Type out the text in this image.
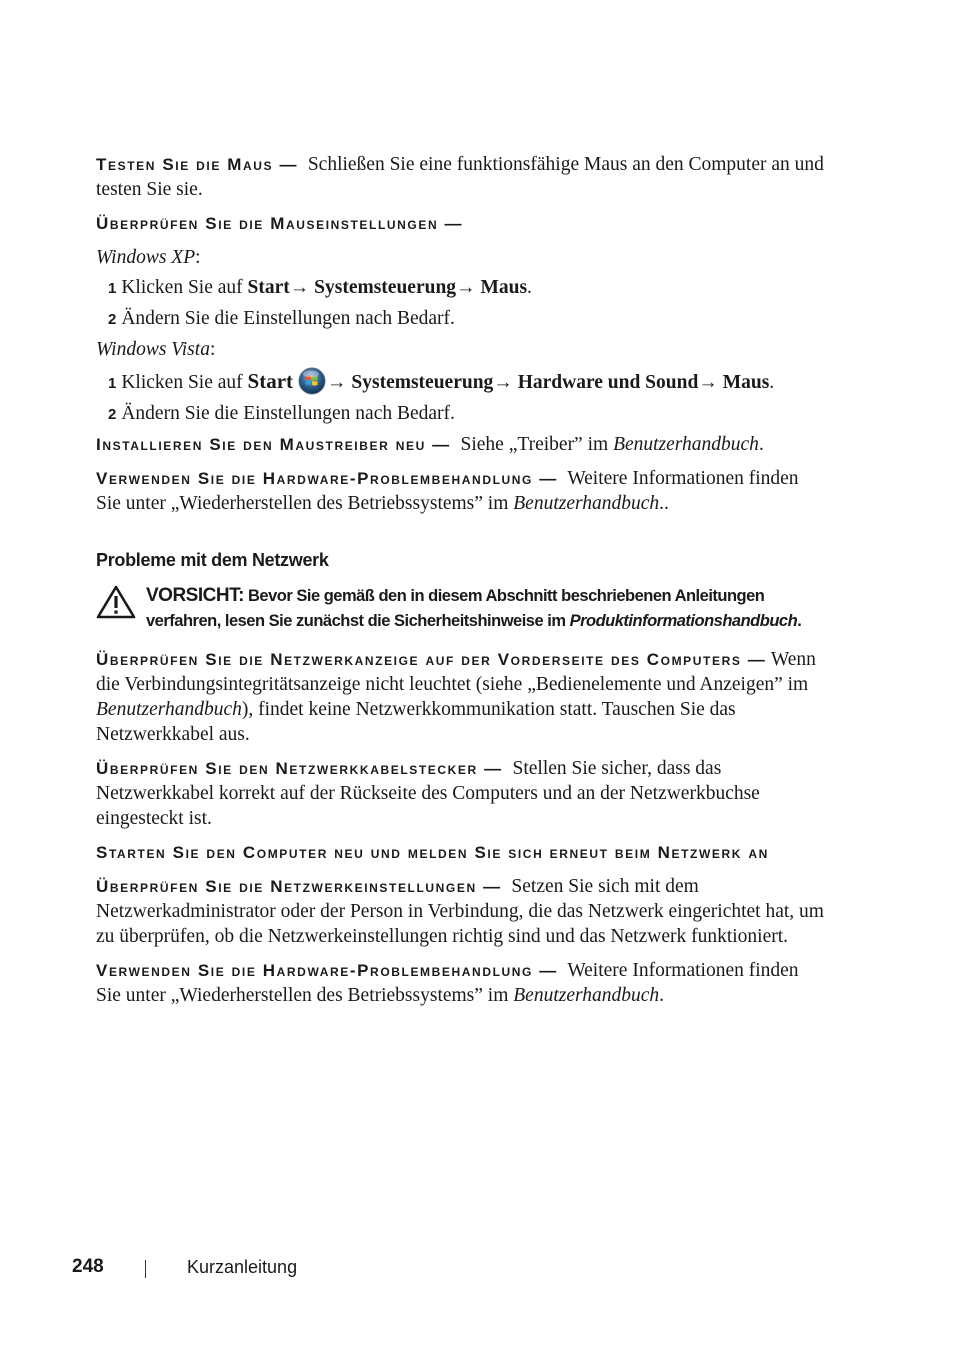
Testen Sie die Maus — Schließen Sie eine funktionsfähige Maus an den Computer an und testen Sie sie.

Überprüfen Sie die Mauseinstellungen —

Windows XP:

1 Klicken Sie auf Start→ Systemsteuerung→ Maus.

2 Ändern Sie die Einstellungen nach Bedarf.

Windows Vista:

1 Klicken Sie auf Start → Systemsteuerung→ Hardware und Sound→ Maus.

2 Ändern Sie die Einstellungen nach Bedarf.

Installieren Sie den Maustreiber neu — Siehe „Treiber” im Benutzerhandbuch.

Verwenden Sie die Hardware-Problembehandlung — Weitere Informationen finden Sie unter „Wiederherstellen des Betriebssystems” im Benutzerhandbuch..

Probleme mit dem Netzwerk
VORSICHT: Bevor Sie gemäß den in diesem Abschnitt beschriebenen Anleitungen verfahren, lesen Sie zunächst die Sicherheitshinweise im Produktinformationshandbuch.

Überprüfen Sie die Netzwerkanzeige auf der Vorderseite des Computers — Wenn die Verbindungsintegritätsanzeige nicht leuchtet (siehe „Bedienelemente und Anzeigen” im Benutzerhandbuch), findet keine Netzwerkkommunikation statt. Tauschen Sie das Netzwerkkabel aus.

Überprüfen Sie den Netzwerkkabelstecker — Stellen Sie sicher, dass das Netzwerkkabel korrekt auf der Rückseite des Computers und an der Netzwerkbuchse eingesteckt ist.

Starten Sie den Computer neu und melden Sie sich erneut beim Netzwerk an

Überprüfen Sie die Netzwerkeinstellungen — Setzen Sie sich mit dem Netzwerkadministrator oder der Person in Verbindung, die das Netzwerk eingerichtet hat, um zu überprüfen, ob die Netzwerkeinstellungen richtig sind und das Netzwerk funktioniert.

Verwenden Sie die Hardware-Problembehandlung — Weitere Informationen finden Sie unter „Wiederherstellen des Betriebssystems” im Benutzerhandbuch.

248	Kurzanleitung
